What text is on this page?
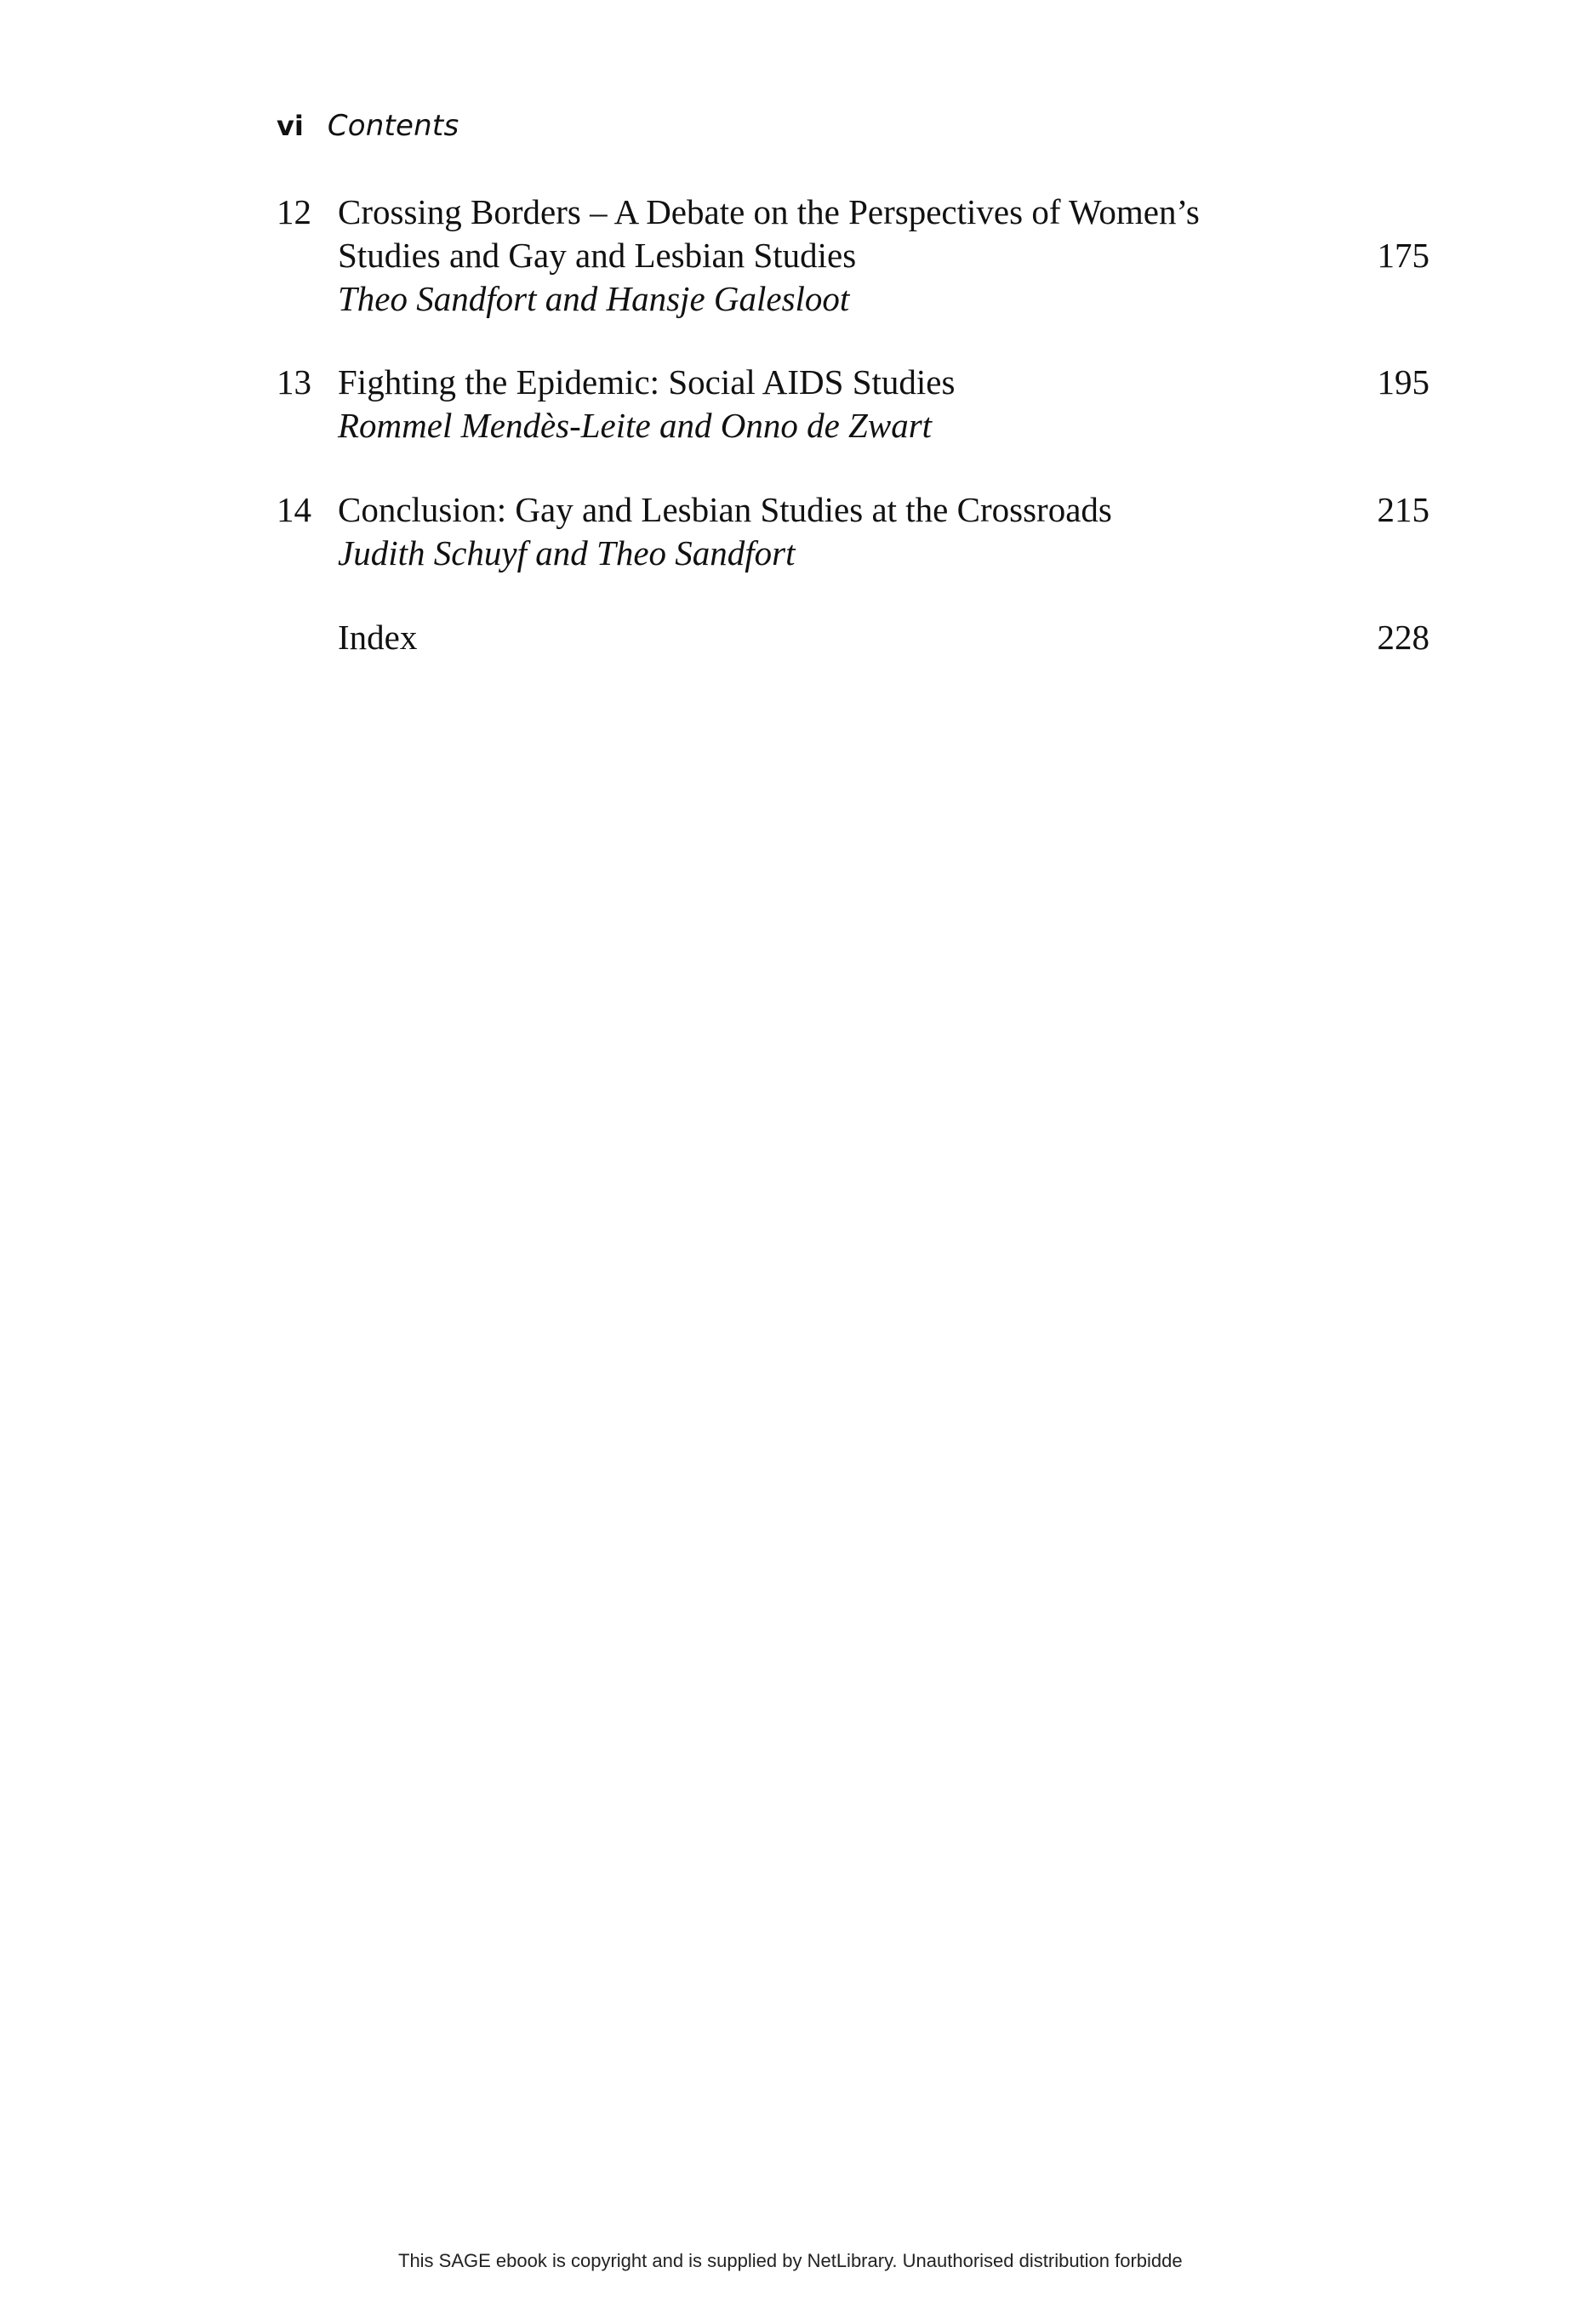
vi Contents
12 Crossing Borders – A Debate on the Perspectives of Women’s
Studies and Gay and Lesbian Studies	175
Theo Sandfort and Hansje Galesloot
13 Fighting the Epidemic: Social AIDS Studies	195
Rommel Mendès-Leite and Onno de Zwart
14 Conclusion: Gay and Lesbian Studies at the Crossroads	215
Judith Schuyf and Theo Sandfort
Index	228
This SAGE ebook is copyright and is supplied by NetLibrary. Unauthorised distribution forbidde
